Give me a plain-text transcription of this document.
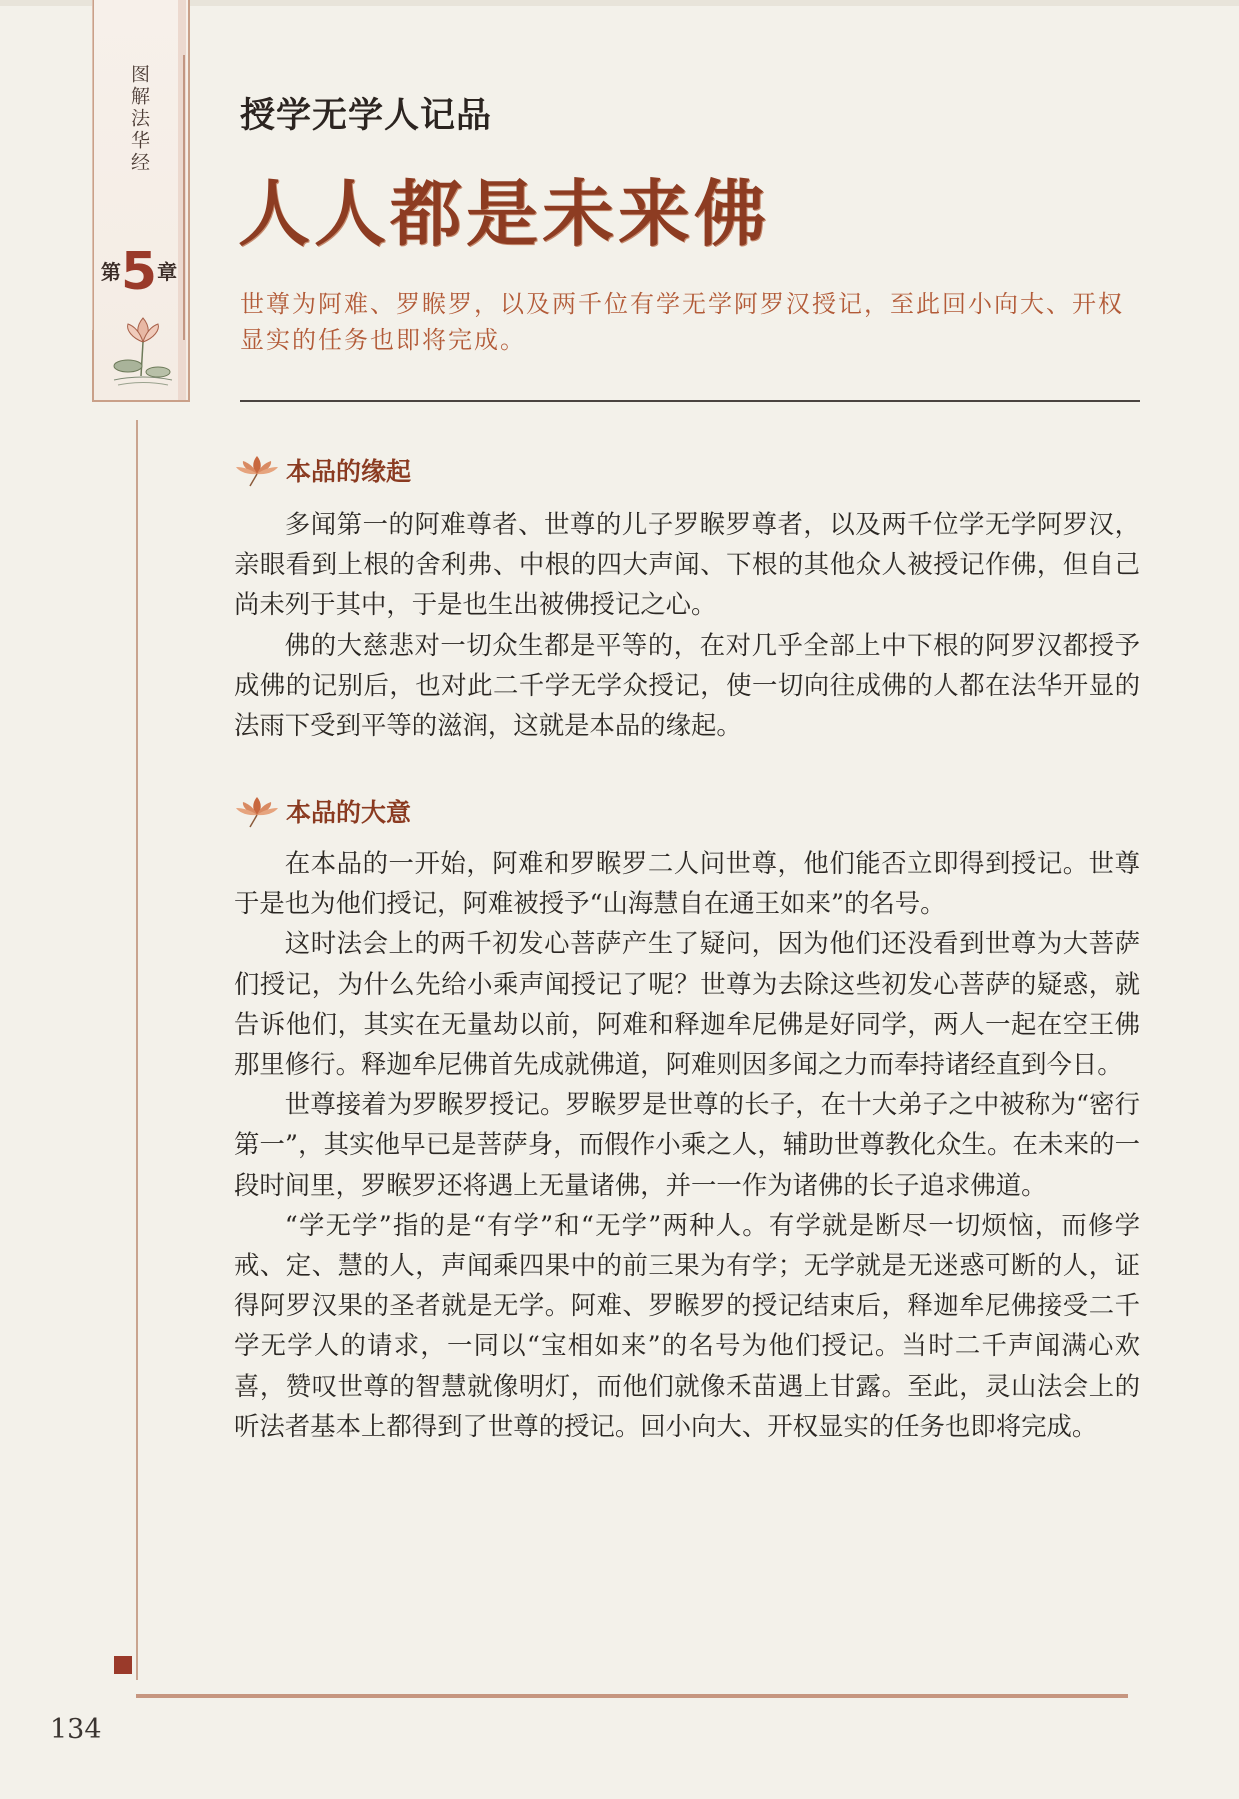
图解法华经
第5章
授学无学人记品
人人都是未来佛
世尊为阿难、罗睺罗，以及两千位有学无学阿罗汉授记，至此回小向大、开权显实的任务也即将完成。
本品的缘起

多闻第一的阿难尊者、世尊的儿子罗睺罗尊者，以及两千位学无学阿罗汉，亲眼看到上根的舍利弗、中根的四大声闻、下根的其他众人被授记作佛，但自己尚未列于其中，于是也生出被佛授记之心。

佛的大慈悲对一切众生都是平等的，在对几乎全部上中下根的阿罗汉都授予成佛的记别后，也对此二千学无学众授记，使一切向往成佛的人都在法华开显的法雨下受到平等的滋润，这就是本品的缘起。

本品的大意

在本品的一开始，阿难和罗睺罗二人问世尊，他们能否立即得到授记。世尊于是也为他们授记，阿难被授予“山海慧自在通王如来”的名号。

这时法会上的两千初发心菩萨产生了疑问，因为他们还没看到世尊为大菩萨们授记，为什么先给小乘声闻授记了呢？世尊为去除这些初发心菩萨的疑惑，就告诉他们，其实在无量劫以前，阿难和释迦牟尼佛是好同学，两人一起在空王佛那里修行。释迦牟尼佛首先成就佛道，阿难则因多闻之力而奉持诸经直到今日。

世尊接着为罗睺罗授记。罗睺罗是世尊的长子，在十大弟子之中被称为“密行第一”，其实他早已是菩萨身，而假作小乘之人，辅助世尊教化众生。在未来的一段时间里，罗睺罗还将遇上无量诸佛，并一一作为诸佛的长子追求佛道。

“学无学”指的是“有学”和“无学”两种人。有学就是断尽一切烦恼，而修学戒、定、慧的人，声闻乘四果中的前三果为有学；无学就是无迷惑可断的人，证得阿罗汉果的圣者就是无学。阿难、罗睺罗的授记结束后，释迦牟尼佛接受二千学无学人的请求，一同以“宝相如来”的名号为他们授记。当时二千声闻满心欢喜，赞叹世尊的智慧就像明灯，而他们就像禾苗遇上甘露。至此，灵山法会上的听法者基本上都得到了世尊的授记。回小向大、开权显实的任务也即将完成。

134
